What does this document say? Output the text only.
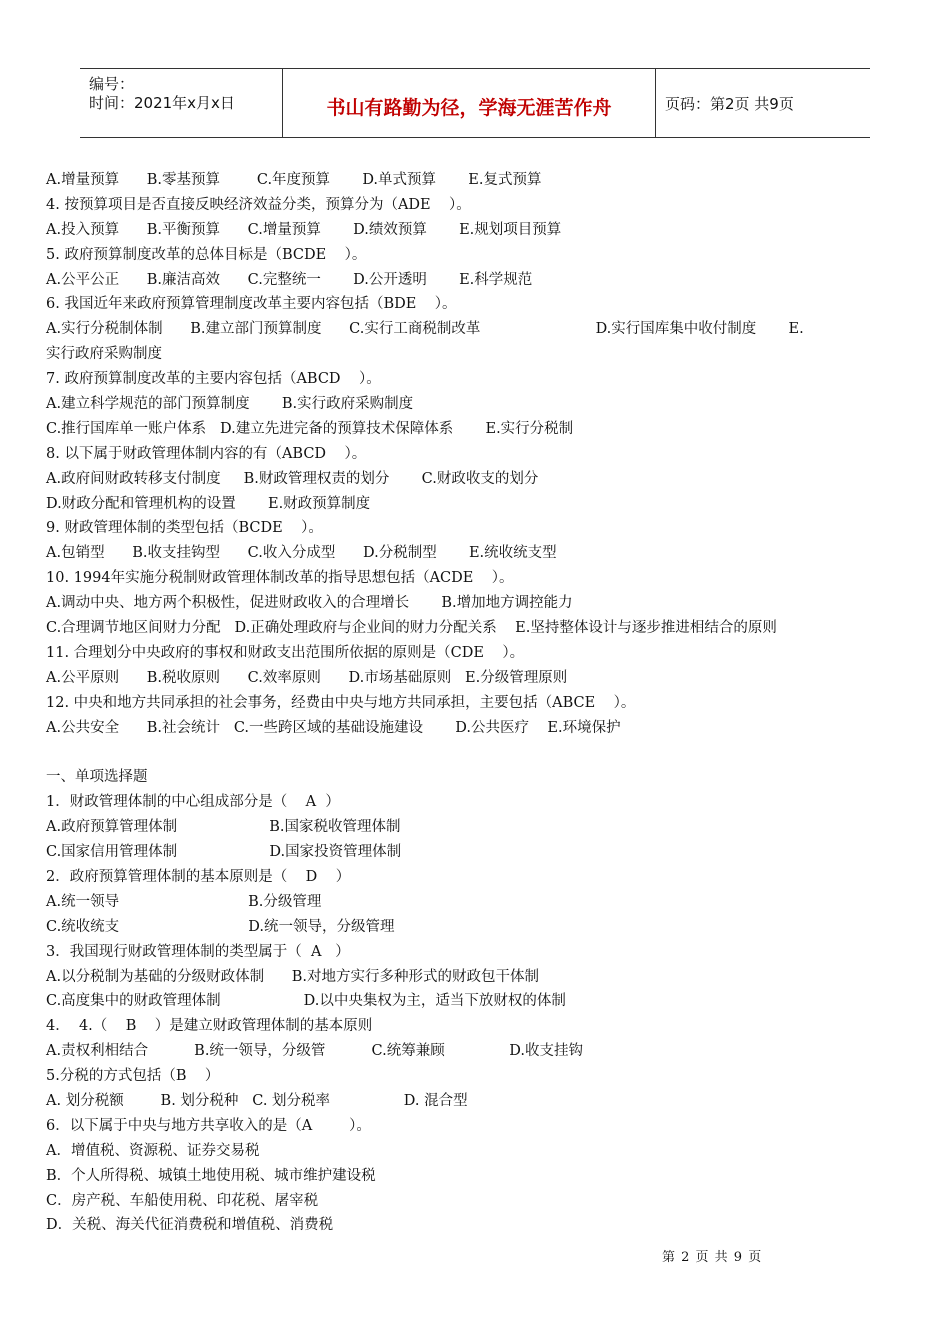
编号：
时间：2021年x月x日	书山有路勤为径，学海无涯苦作舟	页码：第2页 共9页
A.增量预算      B.零基预算        C.年度预算       D.单式预算       E.复式预算
4. 按预算项目是否直接反映经济效益分类，预算分为（ADE    ）。
A.投入预算      B.平衡预算      C.增量预算       D.绩效预算       E.规划项目预算
5. 政府预算制度改革的总体目标是（BCDE    ）。
A.公平公正      B.廉洁高效      C.完整统一       D.公开透明       E.科学规范
6. 我国近年来政府预算管理制度改革主要内容包括（BDE    ）。
A.实行分税制体制      B.建立部门预算制度      C.实行工商税制改革                         D.实行国库集中收付制度       E.
实行政府采购制度
7. 政府预算制度改革的主要内容包括（ABCD    ）。
A.建立科学规范的部门预算制度       B.实行政府采购制度
C.推行国库单一账户体系   D.建立先进完备的预算技术保障体系       E.实行分税制
8. 以下属于财政管理体制内容的有（ABCD    ）。
A.政府间财政转移支付制度     B.财政管理权责的划分       C.财政收支的划分
D.财政分配和管理机构的设置       E.财政预算制度
9. 财政管理体制的类型包括（BCDE    ）。
A.包销型      B.收支挂钩型      C.收入分成型      D.分税制型       E.统收统支型
10. 1994年实施分税制财政管理体制改革的指导思想包括（ACDE    ）。
A.调动中央、地方两个积极性，促进财政收入的合理增长       B.增加地方调控能力
C.合理调节地区间财力分配   D.正确处理政府与企业间的财力分配关系    E.坚持整体设计与逐步推进相结合的原则
11. 合理划分中央政府的事权和财政支出范围所依据的原则是（CDE    ）。
A.公平原则      B.税收原则      C.效率原则      D.市场基础原则   E.分级管理原则
12. 中央和地方共同承担的社会事务，经费由中央与地方共同承担，主要包括（ABCE    ）。
A.公共安全      B.社会统计   C.一些跨区域的基础设施建设       D.公共医疗    E.环境保护
一、单项选择题
1．财政管理体制的中心组成部分是（    A  ）
A.政府预算管理体制                    B.国家税收管理体制
C.国家信用管理体制                    D.国家投资管理体制
2．政府预算管理体制的基本原则是（    D    ）
A.统一领导                            B.分级管理
C.统收统支                            D.统一领导，分级管理
3．我国现行财政管理体制的类型属于（  A   ）
A.以分税制为基础的分级财政体制      B.对地方实行多种形式的财政包干体制
C.高度集中的财政管理体制                  D.以中央集权为主，适当下放财权的体制
4．  4.（    B    ）是建立财政管理体制的基本原则
A.责权利相结合          B.统一领导，分级管          C.统筹兼顾              D.收支挂钩
5.分税的方式包括（B    ）
A. 划分税额        B. 划分税种   C. 划分税率                D. 混合型
6．以下属于中央与地方共享收入的是（A        ）。
A．增值税、资源税、证券交易税
B．个人所得税、城镇土地使用税、城市维护建设税
C．房产税、车船使用税、印花税、屠宰税
D．关税、海关代征消费税和增值税、消费税
第 2 页 共 9 页
